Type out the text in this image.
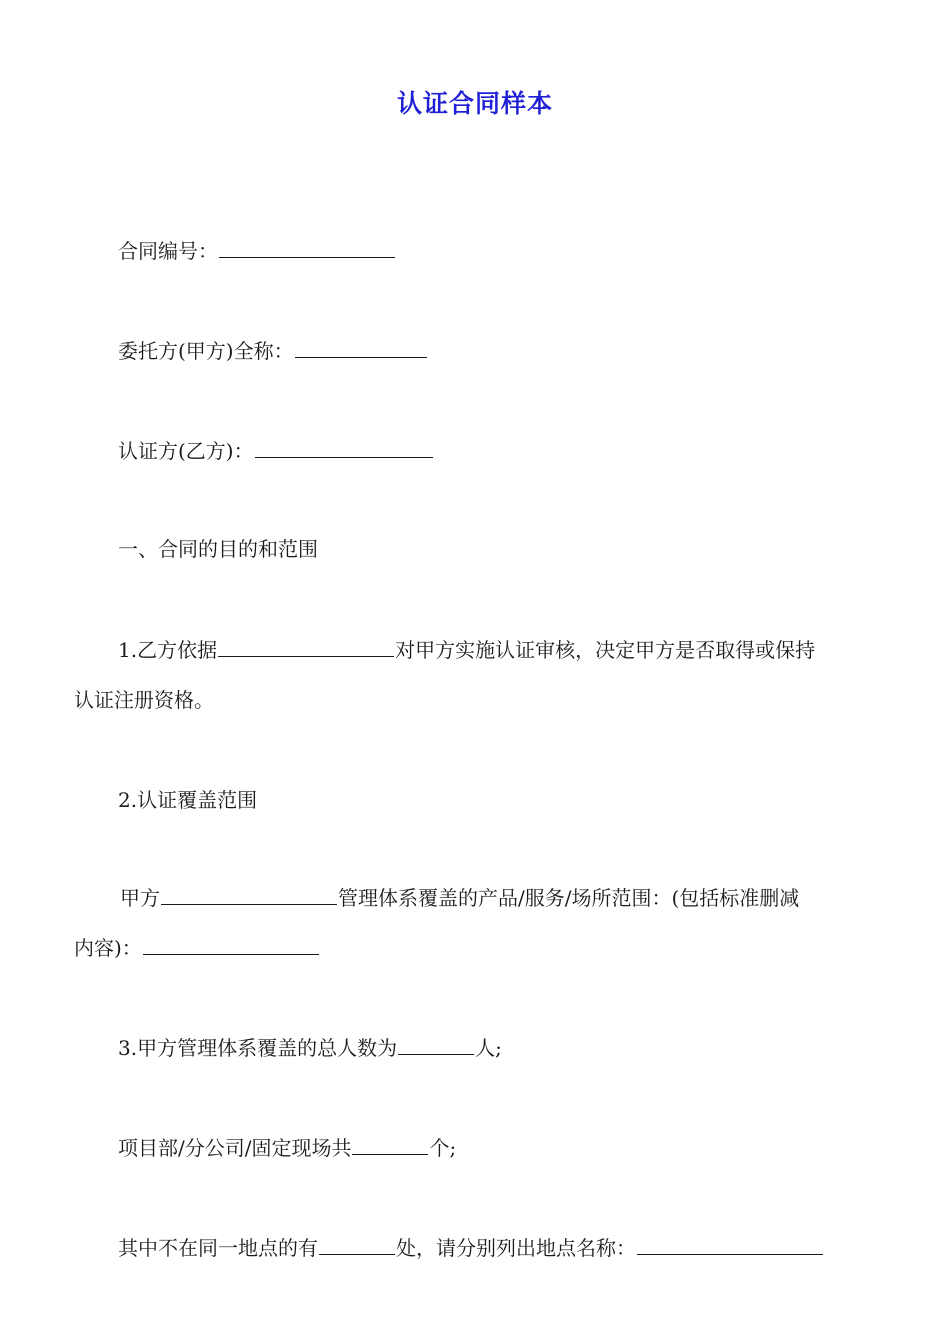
认证合同样本
合同编号：
委托方(甲方)全称：
认证方(乙方)：
一、合同的目的和范围
1.乙方依据	对甲方实施认证审核，决定甲方是否取得或保持
认证注册资格。
2.认证覆盖范围
甲方	管理体系覆盖的产品/服务/场所范围：(包括标准删减
内容)：
3.甲方管理体系覆盖的总人数为	人;
项目部/分公司/固定现场共	个;
其中不在同一地点的有	处，请分别列出地点名称：
